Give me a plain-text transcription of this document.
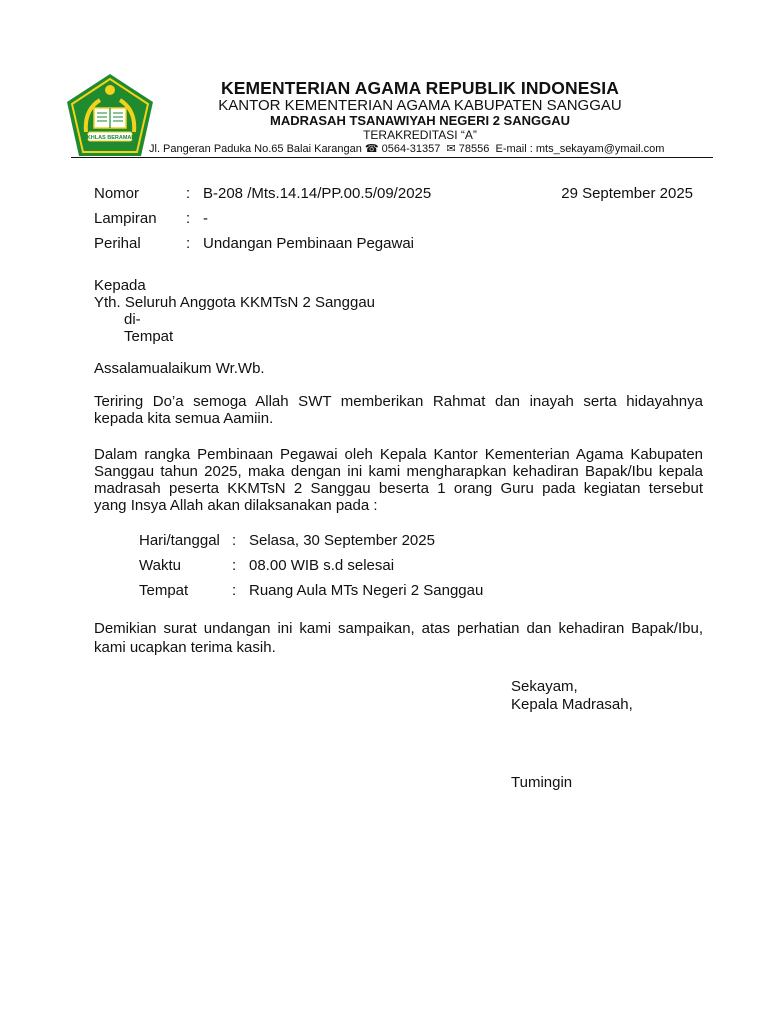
IKHLAS BERAMAL
KEMENTERIAN AGAMA REPUBLIK INDONESIA
KANTOR KEMENTERIAN AGAMA KABUPATEN SANGGAU
MADRASAH TSANAWIYAH NEGERI 2 SANGGAU
TERAKREDITASI “A”
Jl. Pangeran Paduka No.65 Balai Karangan ☎ 0564-31357 ✉ 78556 E-mail : mts_sekayam@ymail.com
Nomor	: B-208 /Mts.14.14/PP.00.5/09/2025	29 September 2025
Lampiran : -
Perihal	: Undangan Pembinaan Pegawai
Kepada
Yth. Seluruh Anggota KKMTsN 2 Sanggau
di-
Tempat
Assalamualaikum Wr.Wb.
Teriring Do’a semoga Allah SWT memberikan Rahmat dan inayah serta hidayahnya
kepada kita semua Aamiin.
Dalam rangka Pembinaan Pegawai oleh Kepala Kantor Kementerian Agama Kabupaten
Sanggau tahun 2025, maka dengan ini kami mengharapkan kehadiran Bapak/Ibu kepala
madrasah peserta KKMTsN 2 Sanggau beserta 1 orang Guru pada kegiatan tersebut
yang Insya Allah akan dilaksanakan pada :
Hari/tanggal : Selasa, 30 September 2025
Waktu	: 08.00 WIB s.d selesai
Tempat	: Ruang Aula MTs Negeri 2 Sanggau
Demikian surat undangan ini kami sampaikan, atas perhatian dan kehadiran Bapak/Ibu,
kami ucapkan terima kasih.
Sekayam,
Kepala Madrasah,
Tumingin
